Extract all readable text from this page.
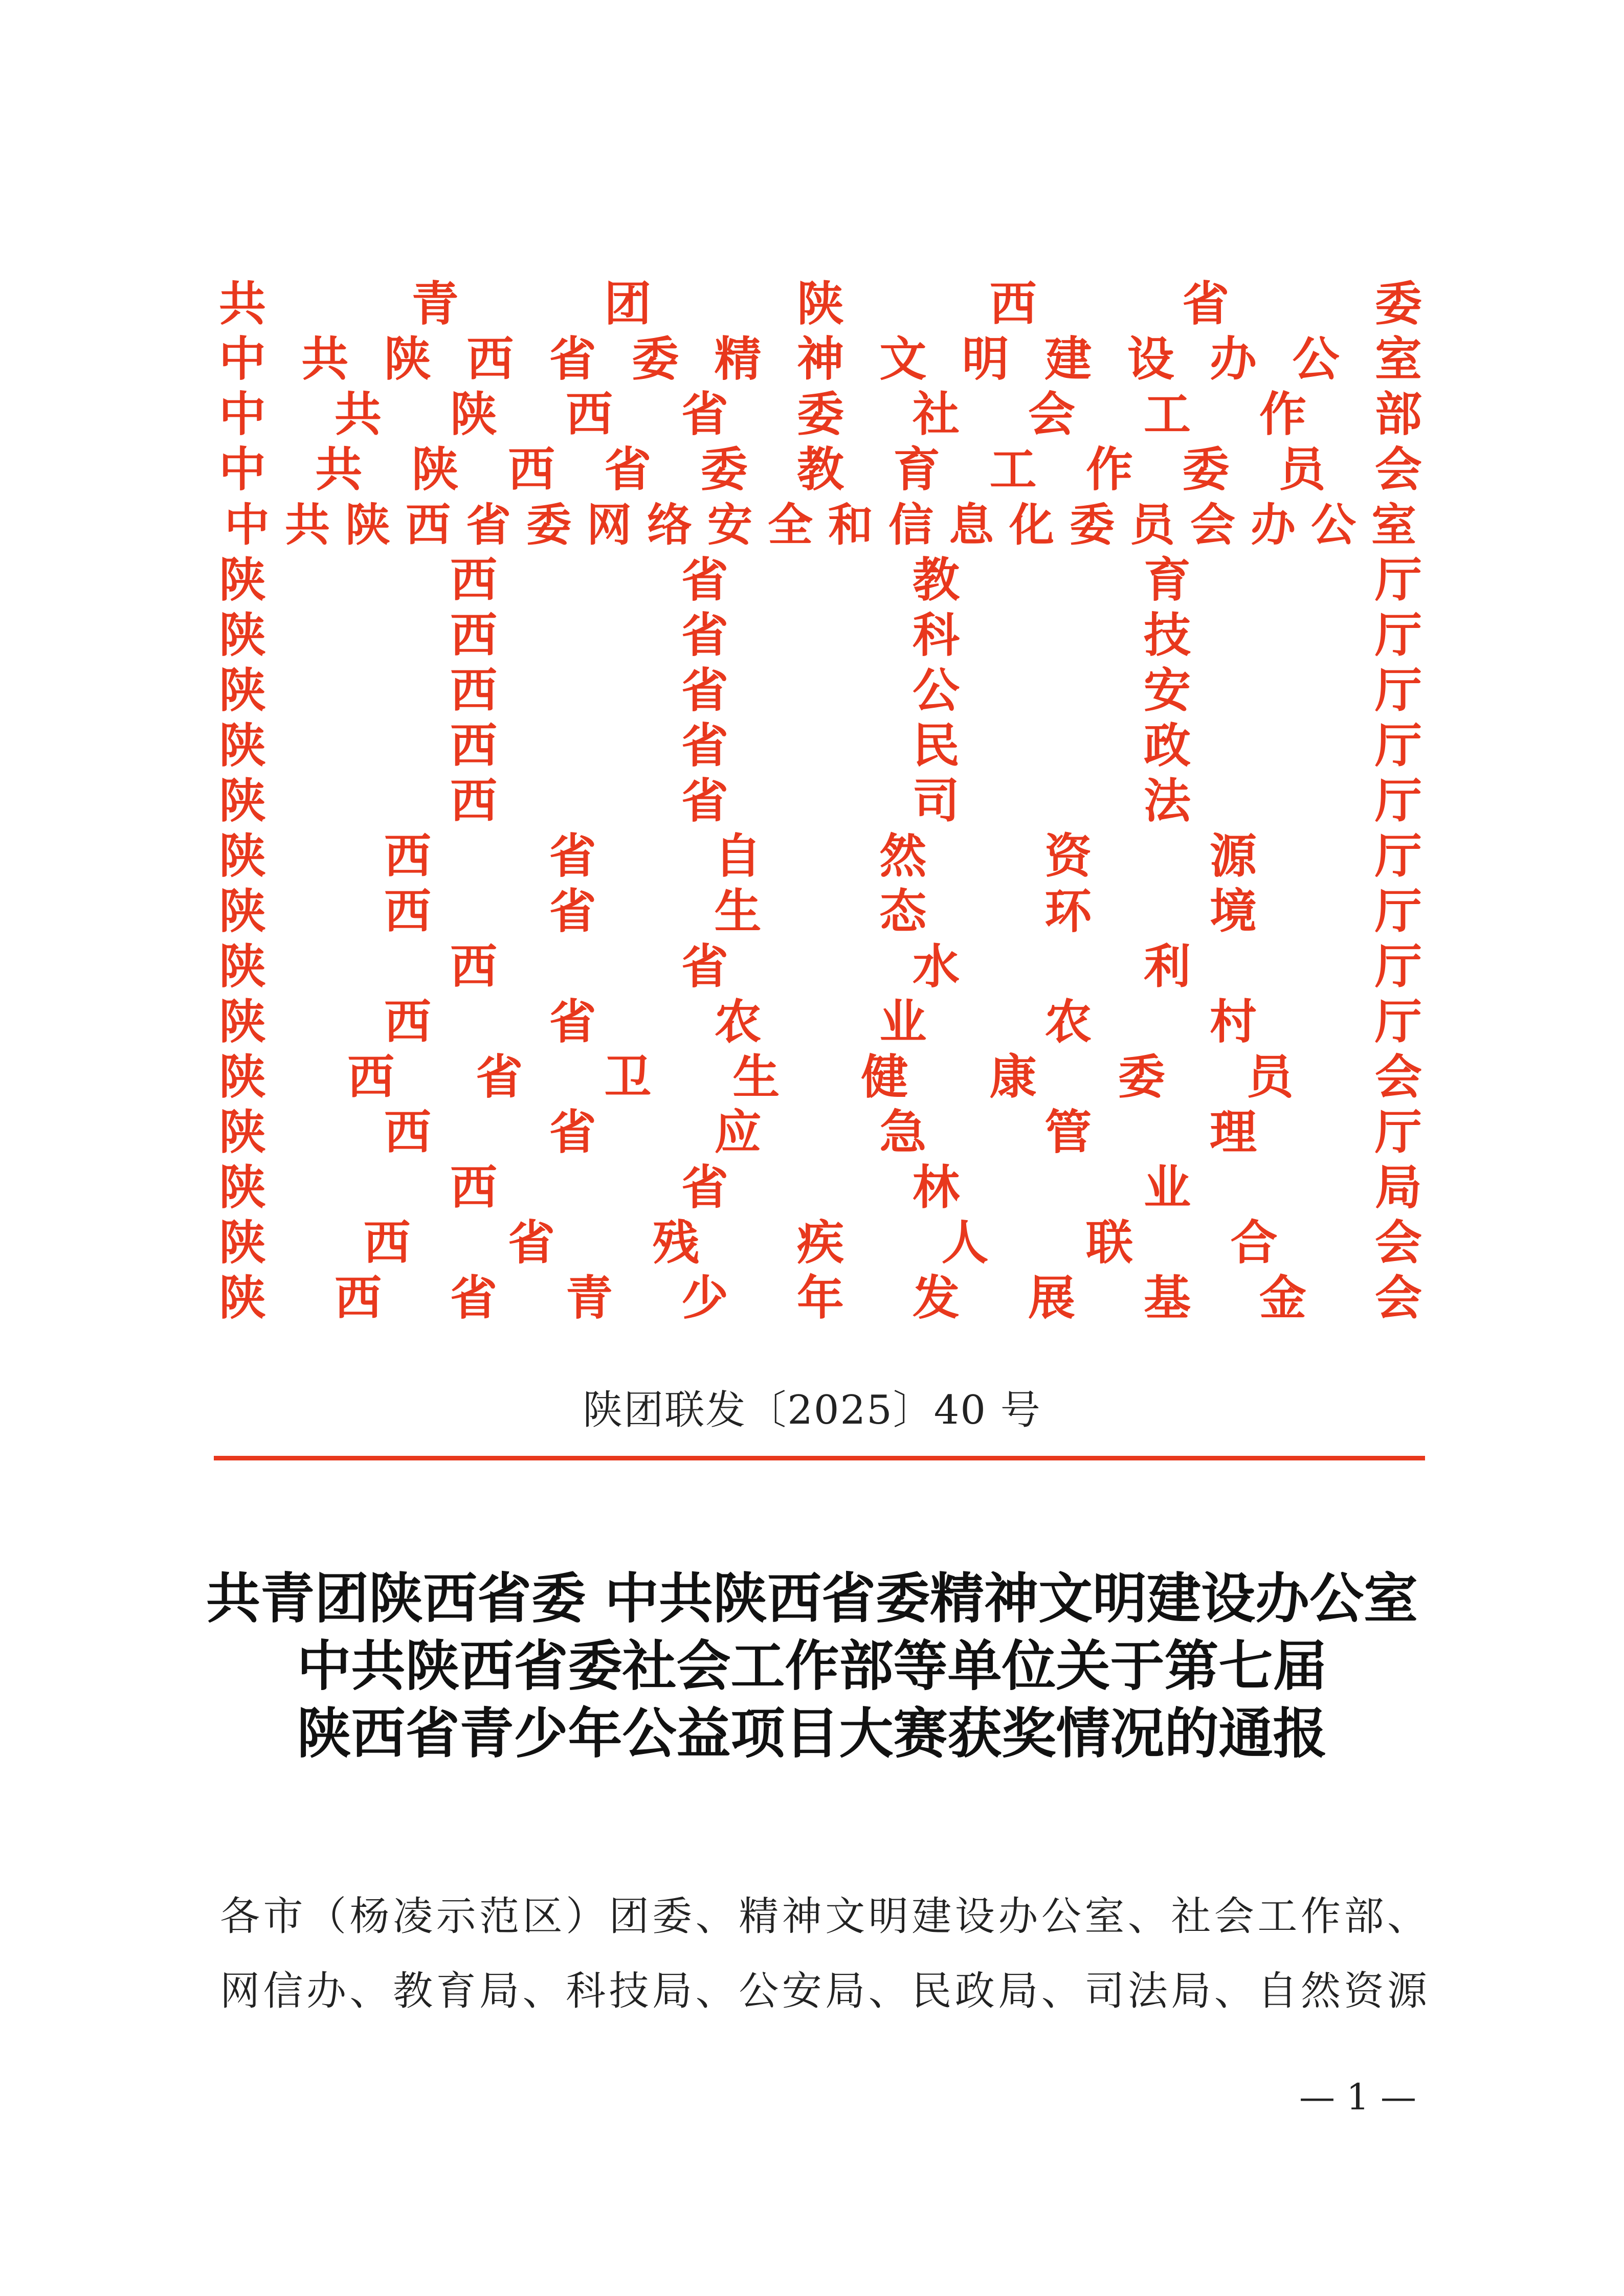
共	青	团	陕	西	省	委
中 共 陕 西 省 委 精 神 文 明 建 设 办 公 室
中 共 陕 西 省 委 社 会 工 作 部
中 共 陕 西 省 委 教 育 工 作 委 员 会
中 共 陕 西 省 委 网 络 安 全 和 信 息 化 委 员 会 办 公 室
陕	西	省	教	育	厅
陕	西	省	科	技	厅
陕	西	省	公	安	厅
陕	西	省	民	政	厅
陕	西	省	司	法	厅
陕	西	省	自	然	资	源	厅
陕	西	省	生	态	环	境	厅
陕	西	省	水	利	厅
陕	西	省	农	业	农	村	厅
陕 西 省 卫 生 健 康 委 员 会
陕	西	省	应	急	管	理	厅
陕	西	省	林	业	局
陕 西 省 残 疾 人 联 合 会
陕 西 省 青 少 年 发 展 基 金 会
陕团联发〔2025〕40 号
共青团陕西省委 中共陕西省委精神文明建设办公室
中共陕西省委社会工作部等单位关于第七届
陕西省青少年公益项目大赛获奖情况的通报
各市（杨凌示范区）团委、精神文明建设办公室、社会工作部、
网信办、教育局、科技局、公安局、民政局、司法局、自然资源
— 1 —
